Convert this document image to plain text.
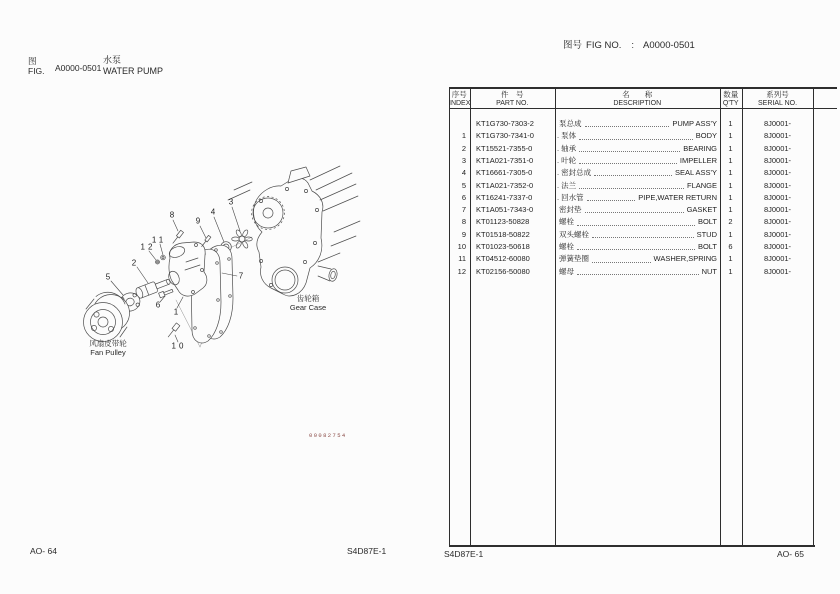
图
FIG. A0000-0501
水泵
WATER PUMP
图号 FIG NO. : A0000-0501
1
2
3
4
5
6
7
8
9
10
11
12
风扇皮带轮
Fan Pulley
齿轮箱
Gear Case
00082754
序号
INDEX
件　号
PART NO.
名　　称
DESCRIPTION
数量
Q'TY
系列号
SERIAL NO.
KT1G730-7303-2	泵总成	PUMP ASS'Y	1	8J0001-
1 KT1G730-7341-0	. 泵体	BODY	1	8J0001-
2 KT15521-7355-0	. 轴承	BEARING	1	8J0001-
3 KT1A021-7351-0	. 叶轮	IMPELLER	1	8J0001-
4 KT16661-7305-0	. 密封总成	SEAL ASS'Y	1	8J0001-
5 KT1A021-7352-0	. 法兰	FLANGE	1	8J0001-
6 KT16241-7337-0	. 回水管	PIPE,WATER RETURN	1	8J0001-
7 KT1A051-7343-0	密封垫	GASKET	1	8J0001-
8 KT01123-50828	螺栓	BOLT	2	8J0001-
9 KT01518-50822	双头螺栓	STUD	1	8J0001-
10 KT01023-50618	螺栓	BOLT	6	8J0001-
11 KT04512-60080	弹簧垫圈	WASHER,SPRING	1	8J0001-
12 KT02156-50080	螺母	NUT	1	8J0001-
AO- 64	S4D87E-1	S4D87E-1	AO- 65
